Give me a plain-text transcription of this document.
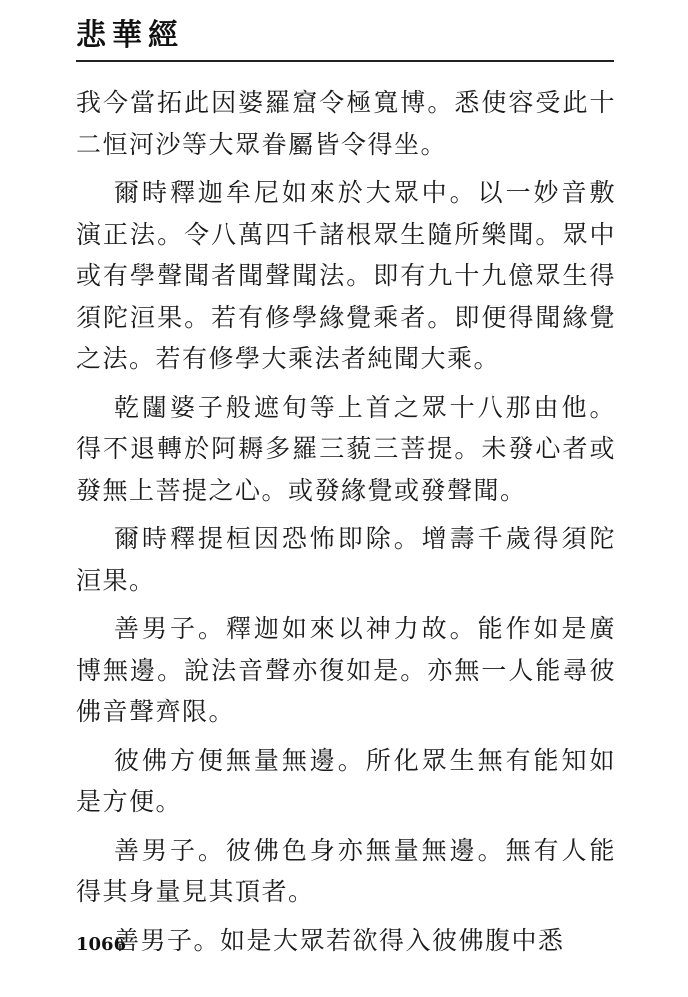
悲華經

我今當拓此因婆羅窟令極寬博。悉使容受此十二恒河沙等大眾眷屬皆令得坐。

爾時釋迦牟尼如來於大眾中。以一妙音敷演正法。令八萬四千諸根眾生隨所樂聞。眾中或有學聲聞者聞聲聞法。即有九十九億眾生得須陀洹果。若有修學緣覺乘者。即便得聞緣覺之法。若有修學大乘法者純聞大乘。

乾闥婆子般遮旬等上首之眾十八那由他。得不退轉於阿耨多羅三藐三菩提。未發心者或發無上菩提之心。或發緣覺或發聲聞。

爾時釋提桓因恐怖即除。增壽千歲得須陀洹果。

善男子。釋迦如來以神力故。能作如是廣博無邊。說法音聲亦復如是。亦無一人能尋彼佛音聲齊限。

彼佛方便無量無邊。所化眾生無有能知如是方便。

善男子。彼佛色身亦無量無邊。無有人能得其身量見其頂者。

善男子。如是大眾若欲得入彼佛腹中悉

1066
